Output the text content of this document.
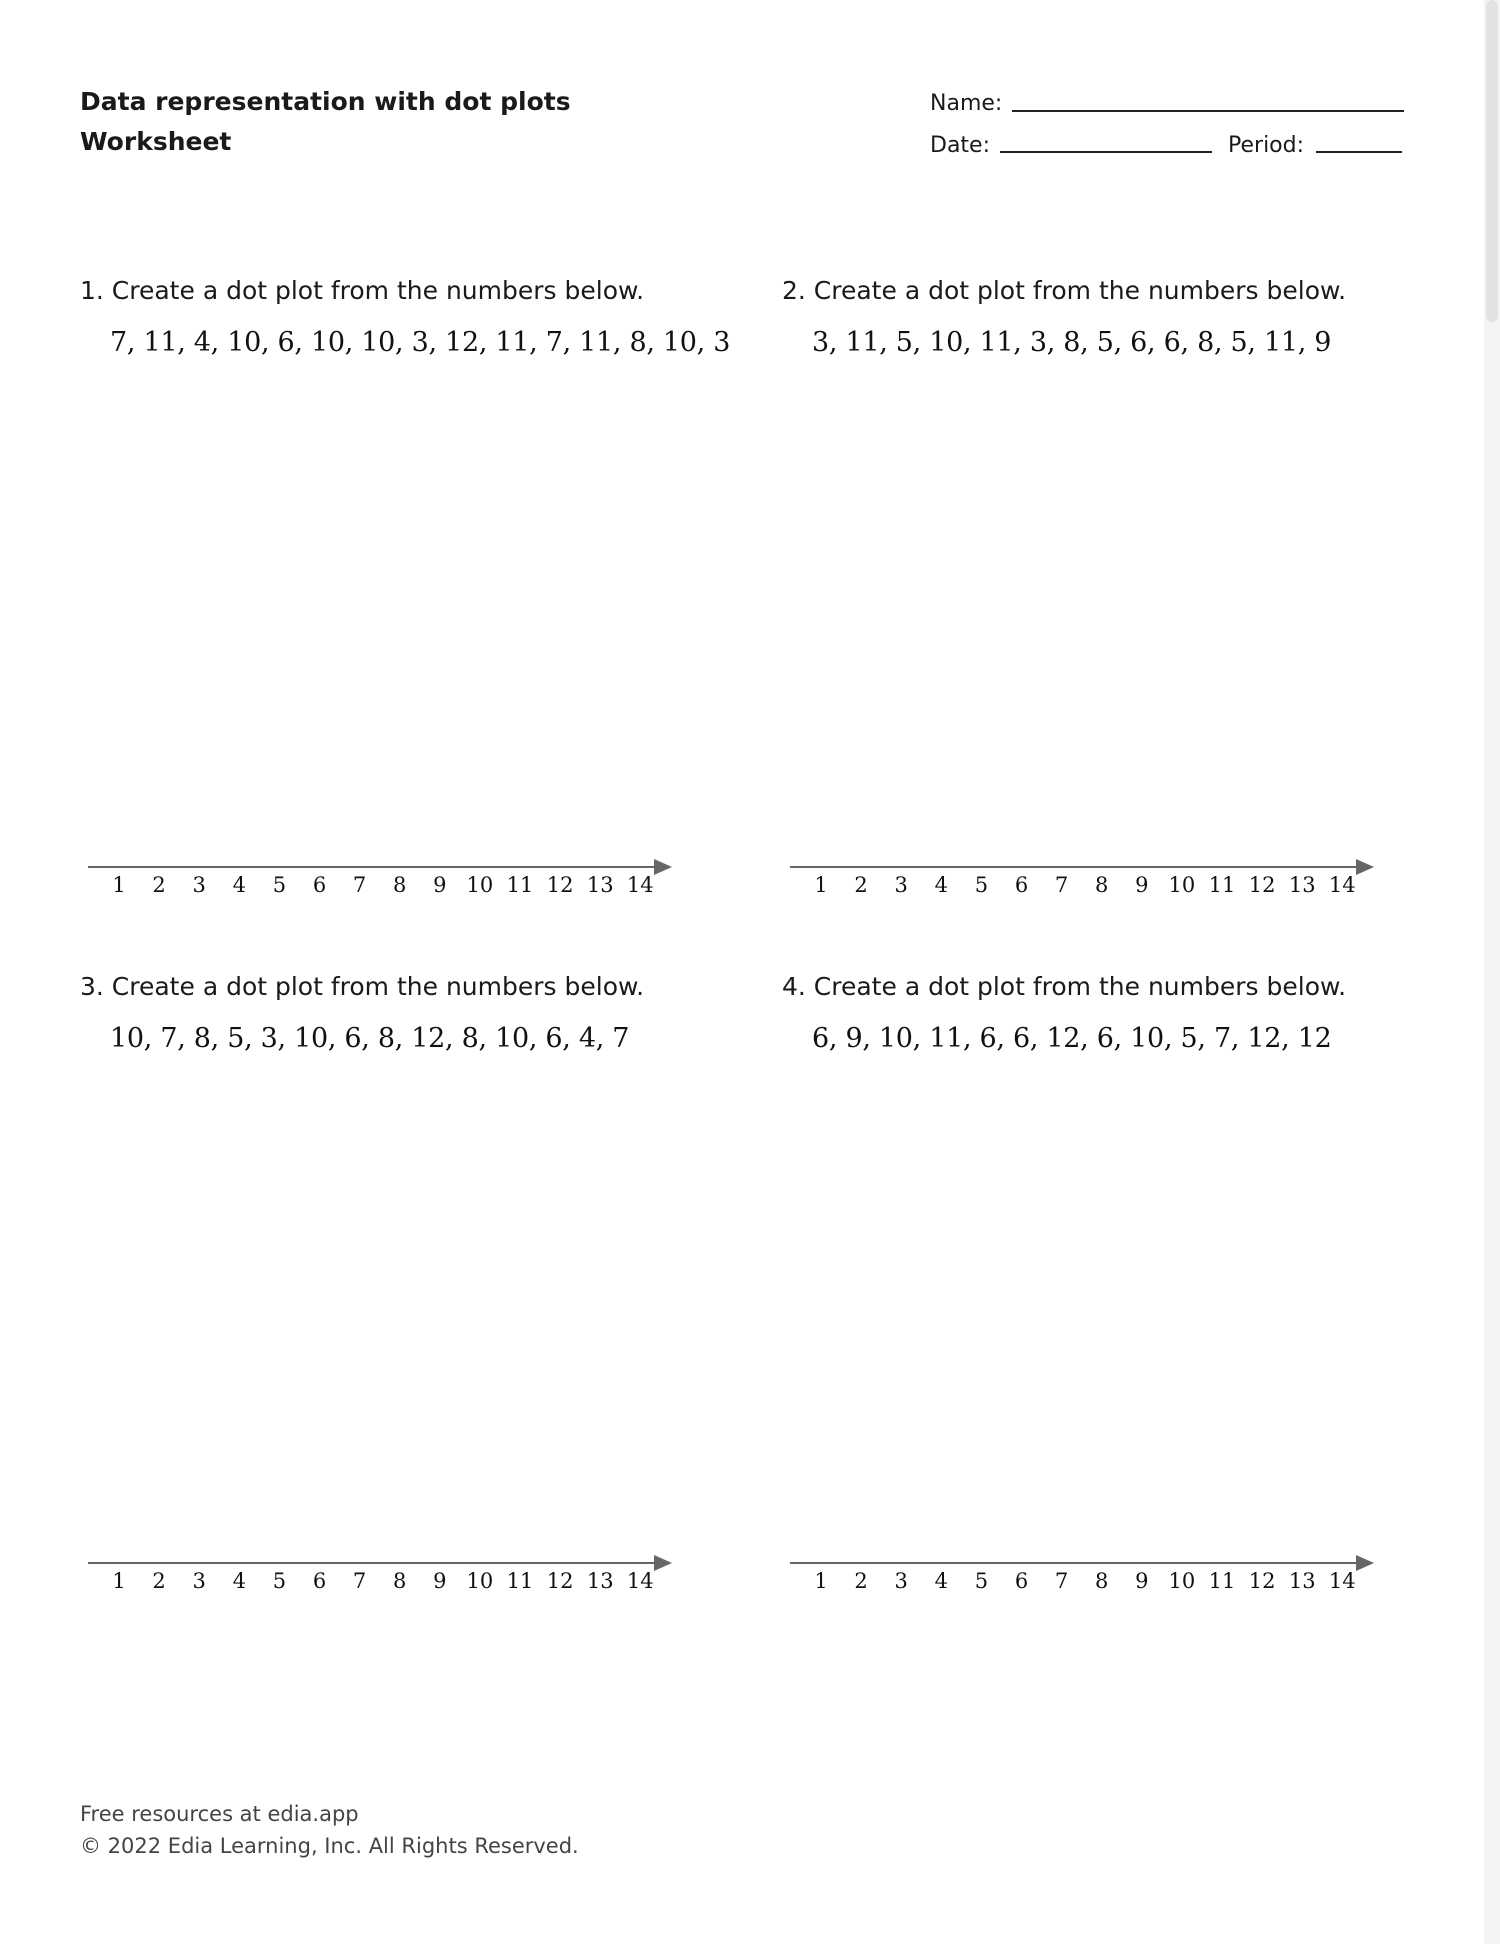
Data representation with dot plots
Worksheet
Name:
Date:	Period:
1. Create a dot plot from the numbers below.
7, 11, 4, 10, 6, 10, 10, 3, 12, 11, 7, 11, 8, 10, 3
2. Create a dot plot from the numbers below.
3, 11, 5, 10, 11, 3, 8, 5, 6, 6, 8, 5, 11, 9
3. Create a dot plot from the numbers below.
10, 7, 8, 5, 3, 10, 6, 8, 12, 8, 10, 6, 4, 7
4. Create a dot plot from the numbers below.
6, 9, 10, 11, 6, 6, 12, 6, 10, 5, 7, 12, 12
1 2 3 4 5 6 7 8 9 10 11 12 13 14	1 2 3 4 5 6 7 8 9 10 11 12 13 14
1 2 3 4 5 6 7 8 9 10 11 12 13 14	1 2 3 4 5 6 7 8 9 10 11 12 13 14
Free resources at edia.app
© 2022 Edia Learning, Inc. All Rights Reserved.
